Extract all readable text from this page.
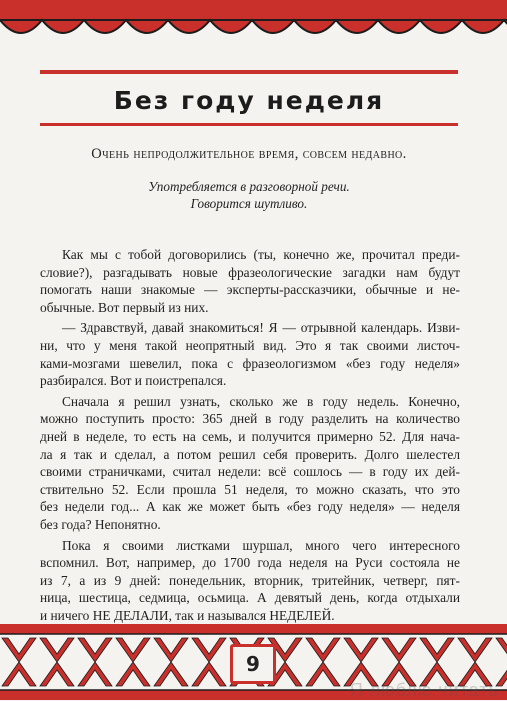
Без году неделя
Очень непродолжительное время, совсем недавно.
Употребляется в разговорной речи.
Говорится шутливо.

Как мы с тобой договорились (ты, конечно же, прочитал преди-
словие?), разгадывать новые фразеологические загадки нам будут
помогать наши знакомые — эксперты-рассказчики, обычные и не-
обычные. Вот первый из них.

— Здравствуй, давай знакомиться! Я — отрывной календарь. Изви-
ни, что у меня такой неопрятный вид. Это я так своими листоч-
ками-мозгами шевелил, пока с фразеологизмом «без году неделя»
разбирался. Вот и поистрепался.

Сначала я решил узнать, сколько же в году недель. Конечно,
можно поступить просто: 365 дней в году разделить на количество
дней в неделе, то есть на семь, и получится примерно 52. Для нача-
ла я так и сделал, а потом решил себя проверить. Долго шелестел
своими страничками, считал недели: всё сошлось — в году их дей-
ствительно 52. Если прошла 51 неделя, то можно сказать, что это
без недели год... А как же может быть «без году неделя» — неделя
без года? Непонятно.

Пока я своими листками шуршал, много чего интересного
вспомнил. Вот, например, до 1700 года неделя на Руси состояла не
из 7, а из 9 дней: понедельник, вторник, тритейник, четверг, пят-
ница, шестица, седмица, осьмица. А девятый день, когда отдыхали
и ничего НЕ ДЕЛАЛИ, так и назывался НЕДЕЛЕЙ.

9
Я люблю читать
